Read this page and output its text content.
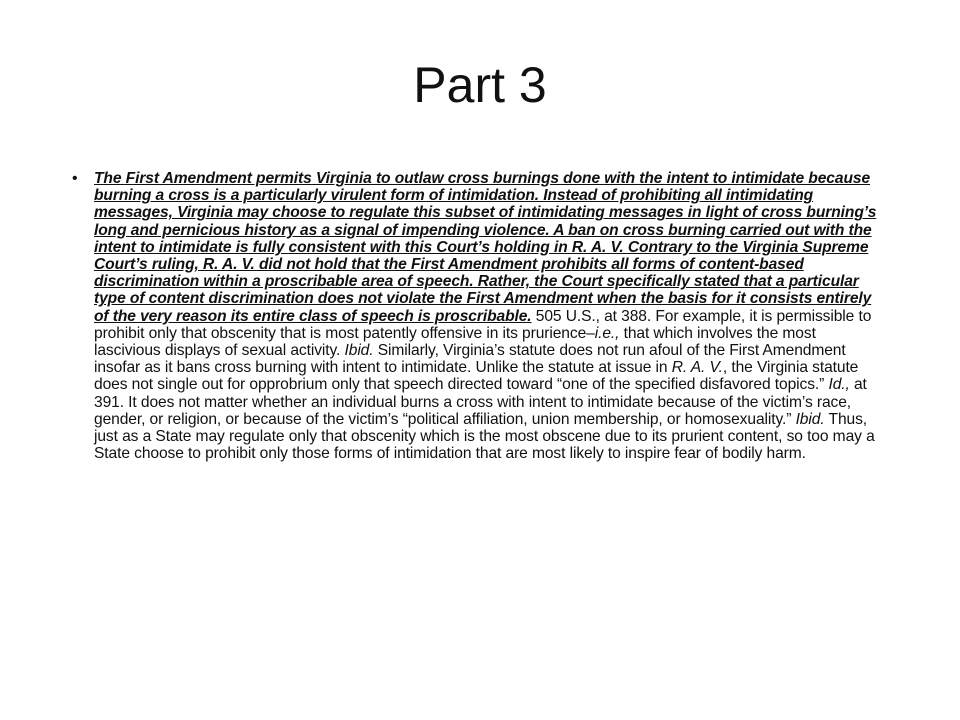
Part 3
•	The First Amendment permits Virginia to outlaw cross burnings done with the intent to intimidate because burning a cross is a particularly virulent form of intimidation. Instead of prohibiting all intimidating messages, Virginia may choose to regulate this subset of intimidating messages in light of cross burning’s long and pernicious history as a signal of impending violence. A ban on cross burning carried out with the intent to intimidate is fully consistent with this Court’s holding in R. A. V. Contrary to the Virginia Supreme Court’s ruling, R. A. V. did not hold that the First Amendment prohibits all forms of content-based discrimination within a proscribable area of speech. Rather, the Court specifically stated that a particular type of content discrimination does not violate the First Amendment when the basis for it consists entirely of the very reason its entire class of speech is proscribable. 505 U.S., at 388. For example, it is permissible to prohibit only that obscenity that is most patently offensive in its prurience–i.e., that which involves the most lascivious displays of sexual activity. Ibid. Similarly, Virginia’s statute does not run afoul of the First Amendment insofar as it bans cross burning with intent to intimidate. Unlike the statute at issue in R. A. V., the Virginia statute does not single out for opprobrium only that speech directed toward “one of the specified disfavored topics.” Id., at 391. It does not matter whether an individual burns a cross with intent to intimidate because of the victim’s race, gender, or religion, or because of the victim’s “political affiliation, union membership, or homosexuality.” Ibid. Thus, just as a State may regulate only that obscenity which is the most obscene due to its prurient content, so too may a State choose to prohibit only those forms of intimidation that are most likely to inspire fear of bodily harm.
